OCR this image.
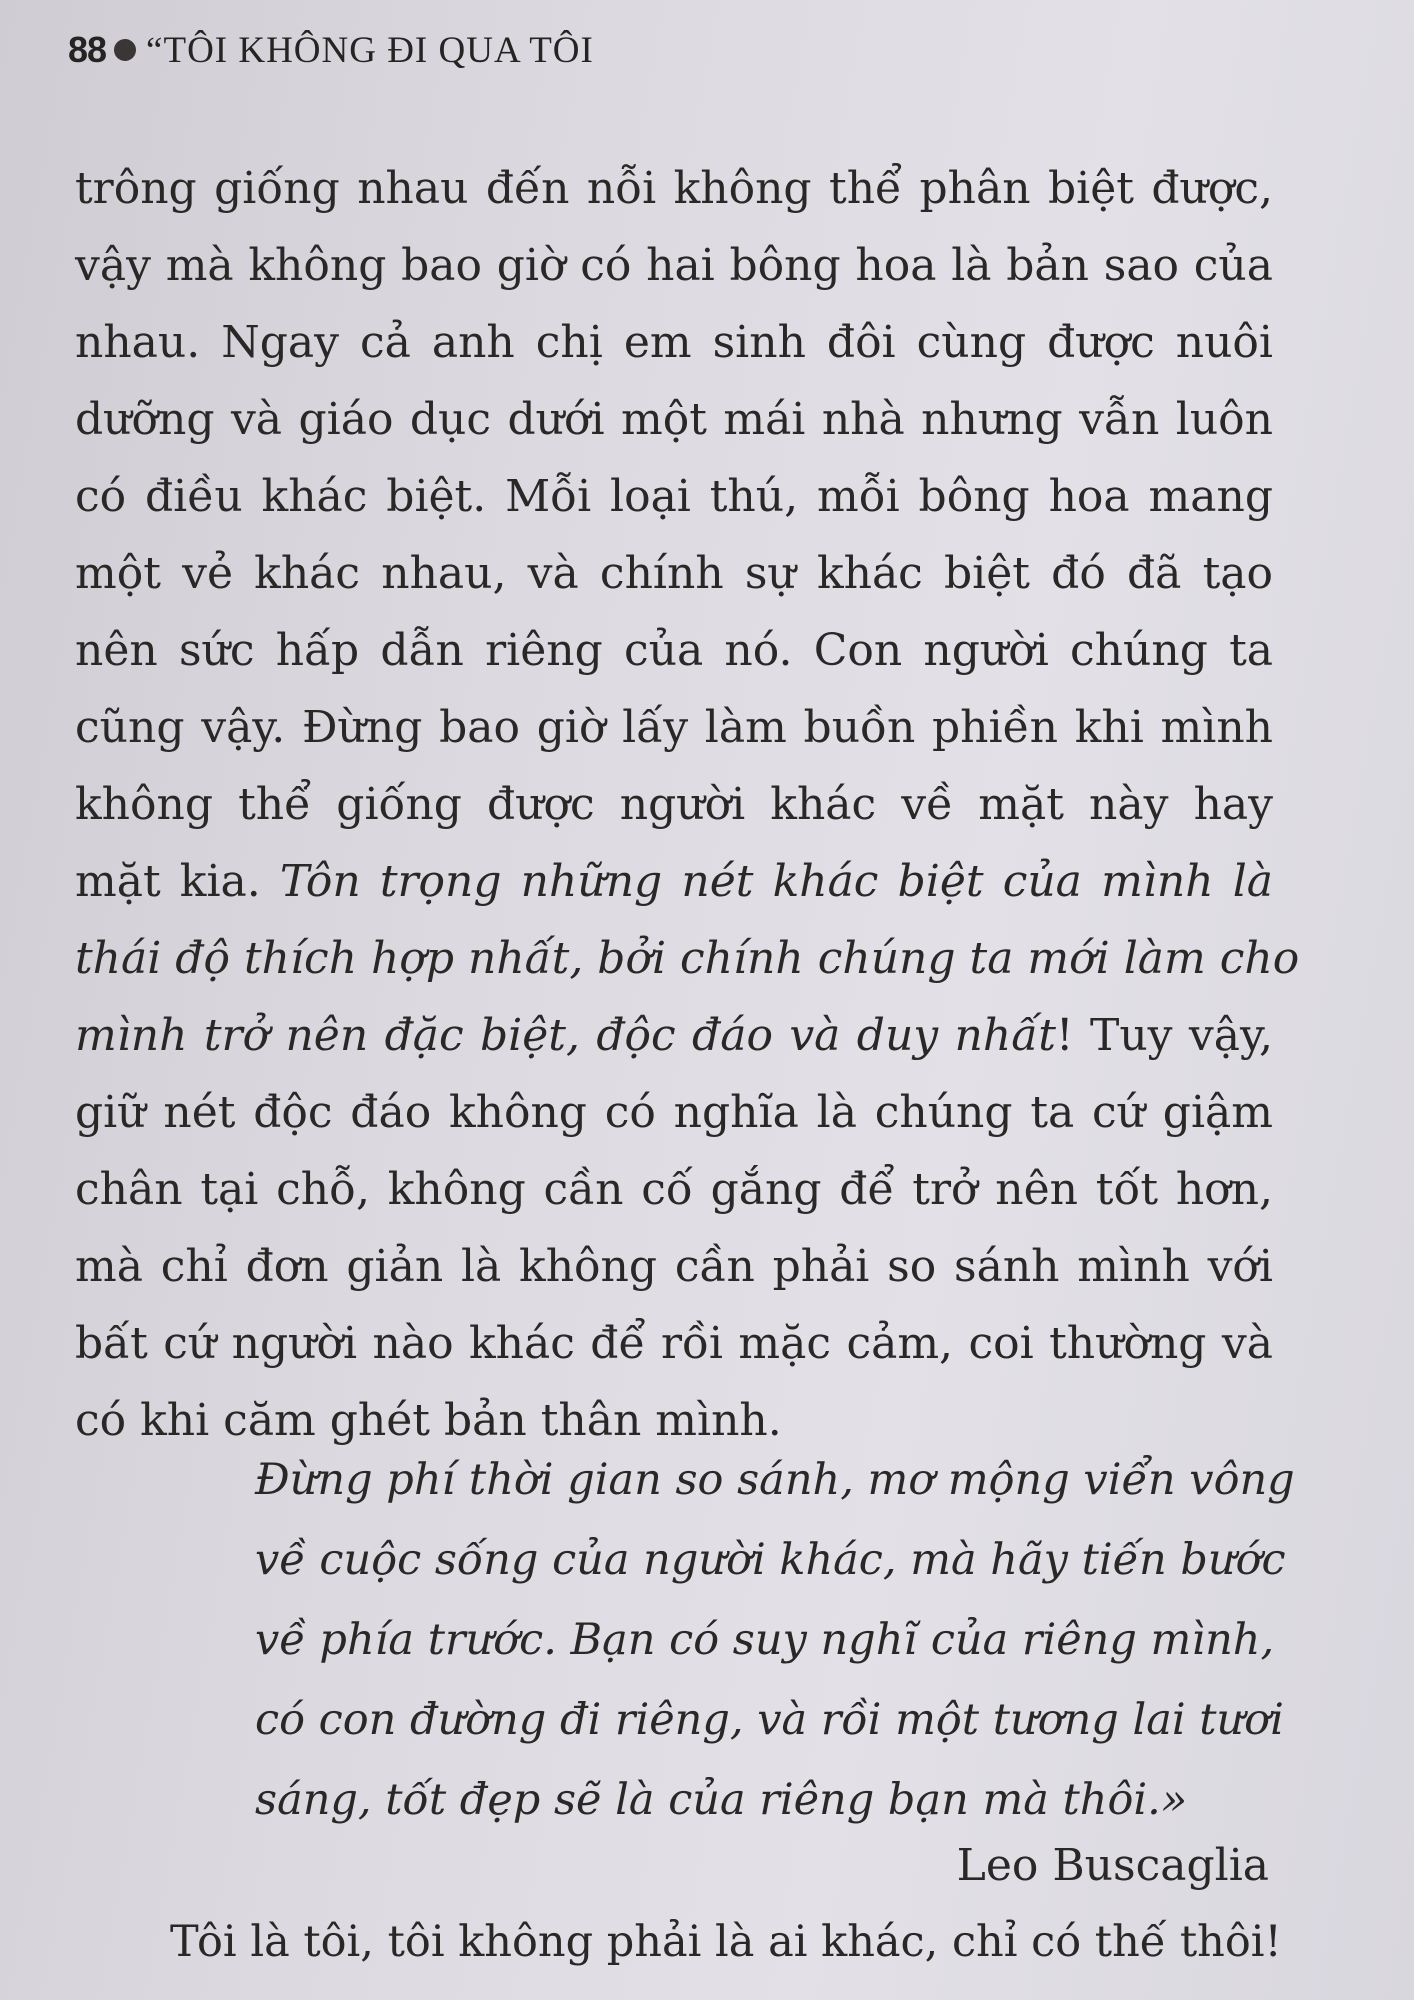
88 “TÔI KHÔNG ĐI QUA TÔI
trông giống nhau đến nỗi không thể phân biệt được,
vậy mà không bao giờ có hai bông hoa là bản sao của
nhau. Ngay cả anh chị em sinh đôi cùng được nuôi
dưỡng và giáo dục dưới một mái nhà nhưng vẫn luôn
có điều khác biệt. Mỗi loại thú, mỗi bông hoa mang
một vẻ khác nhau, và chính sự khác biệt đó đã tạo
nên sức hấp dẫn riêng của nó. Con người chúng ta
cũng vậy. Đừng bao giờ lấy làm buồn phiền khi mình
không thể giống được người khác về mặt này hay
mặt kia. Tôn trọng những nét khác biệt của mình là
thái độ thích hợp nhất, bởi chính chúng ta mới làm cho
mình trở nên đặc biệt, độc đáo và duy nhất! Tuy vậy,
giữ nét độc đáo không có nghĩa là chúng ta cứ giậm
chân tại chỗ, không cần cố gắng để trở nên tốt hơn,
mà chỉ đơn giản là không cần phải so sánh mình với
bất cứ người nào khác để rồi mặc cảm, coi thường và
có khi căm ghét bản thân mình.
Đừng phí thời gian so sánh, mơ mộng viển vông
về cuộc sống của người khác, mà hãy tiến bước
về phía trước. Bạn có suy nghĩ của riêng mình,
có con đường đi riêng, và rồi một tương lai tươi
sáng, tốt đẹp sẽ là của riêng bạn mà thôi.»
Leo Buscaglia
Tôi là tôi, tôi không phải là ai khác, chỉ có thế thôi!
